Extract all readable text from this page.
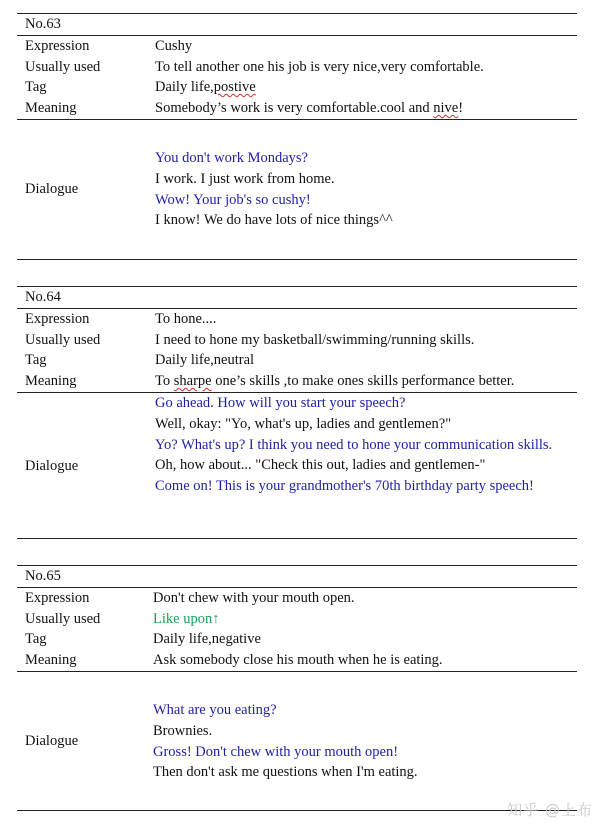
No.63
Expression	Cushy
Usually used	To tell another one his job is very nice,very comfortable.
Tag	Daily life,postive
Meaning	Somebody’s work is very comfortable.cool and nive!
Dialogue
You don't work Mondays?
I work. I just work from home.
Wow! Your job's so cushy!
I know! We do have lots of nice things^^
No.64
Expression	To hone....
Usually used	I need to hone my basketball/swimming/running skills.
Tag	Daily life,neutral
Meaning	To sharpe one’s skills ,to make ones skills performance better.
Dialogue
Go ahead. How will you start your speech?
Well, okay: "Yo, what's up, ladies and gentlemen?"
Yo? What's up? I think you need to hone your communication skills.
Oh, how about... "Check this out, ladies and gentlemen-"
Come on! This is your grandmother's 70th birthday party speech!
No.65
Expression	Don't chew with your mouth open.
Usually used	Like upon↑
Tag	Daily life,negative
Meaning	Ask somebody close his mouth when he is eating.
Dialogue
What are you eating?
Brownies.
Gross! Don't chew with your mouth open!
Then don't ask me questions when I'm eating.
知乎 @上布
